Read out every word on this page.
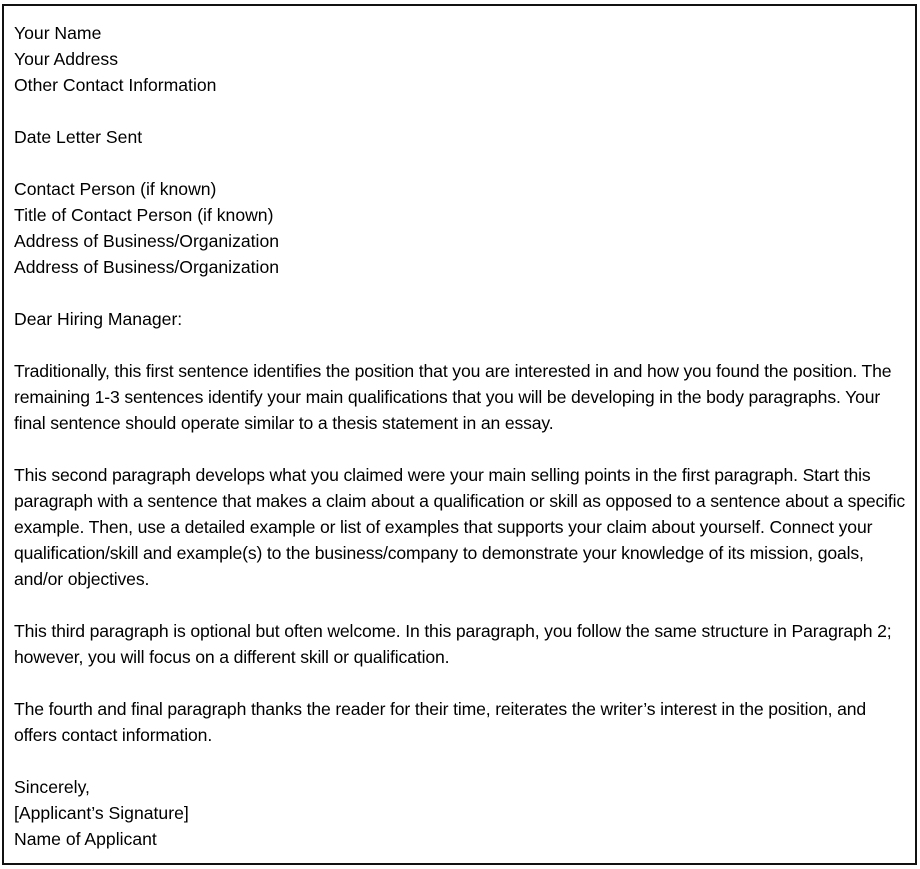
Your Name
Your Address
Other Contact Information
Date Letter Sent
Contact Person (if known)
Title of Contact Person (if known)
Address of Business/Organization
Address of Business/Organization
Dear Hiring Manager:
Traditionally, this first sentence identifies the position that you are interested in and how you found the position. The remaining 1-3 sentences identify your main qualifications that you will be developing in the body paragraphs. Your final sentence should operate similar to a thesis statement in an essay.
This second paragraph develops what you claimed were your main selling points in the first paragraph. Start this paragraph with a sentence that makes a claim about a qualification or skill as opposed to a sentence about a specific example. Then, use a detailed example or list of examples that supports your claim about yourself. Connect your qualification/skill and example(s) to the business/company to demonstrate your knowledge of its mission, goals, and/or objectives.
This third paragraph is optional but often welcome. In this paragraph, you follow the same structure in Paragraph 2; however, you will focus on a different skill or qualification.
The fourth and final paragraph thanks the reader for their time, reiterates the writer’s interest in the position, and offers contact information.
Sincerely,
[Applicant’s Signature]
Name of Applicant
